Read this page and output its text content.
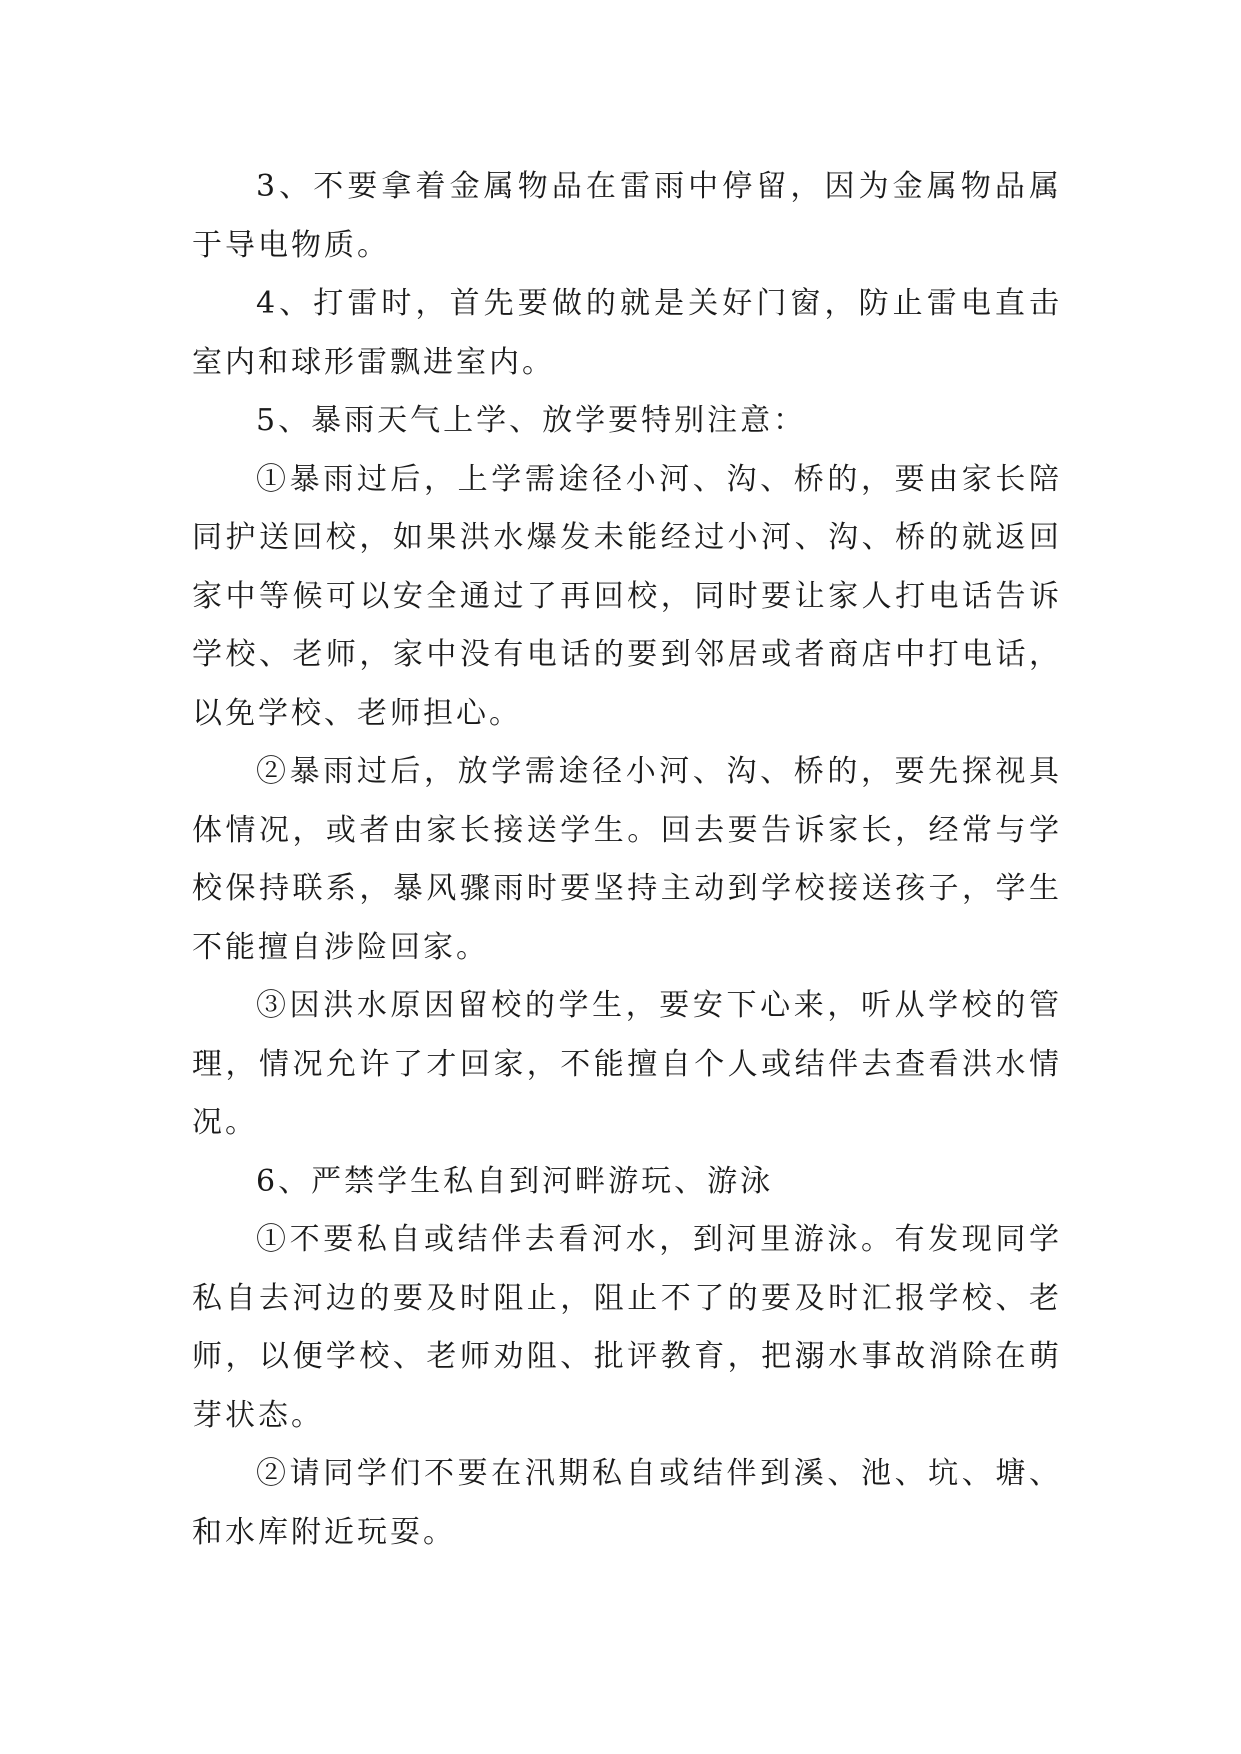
3、不要拿着金属物品在雷雨中停留，因为金属物品属于导电物质。

4、打雷时，首先要做的就是关好门窗，防止雷电直击室内和球形雷飘进室内。

5、暴雨天气上学、放学要特别注意：

①暴雨过后，上学需途径小河、沟、桥的，要由家长陪同护送回校，如果洪水爆发未能经过小河、沟、桥的就返回家中等候可以安全通过了再回校，同时要让家人打电话告诉学校、老师，家中没有电话的要到邻居或者商店中打电话，以免学校、老师担心。

②暴雨过后，放学需途径小河、沟、桥的，要先探视具体情况，或者由家长接送学生。回去要告诉家长，经常与学校保持联系，暴风骤雨时要坚持主动到学校接送孩子，学生不能擅自涉险回家。

③因洪水原因留校的学生，要安下心来，听从学校的管理，情况允许了才回家，不能擅自个人或结伴去查看洪水情况。

6、严禁学生私自到河畔游玩、游泳

①不要私自或结伴去看河水，到河里游泳。有发现同学私自去河边的要及时阻止，阻止不了的要及时汇报学校、老师，以便学校、老师劝阻、批评教育，把溺水事故消除在萌芽状态。

②请同学们不要在汛期私自或结伴到溪、池、坑、塘、和水库附近玩耍。
